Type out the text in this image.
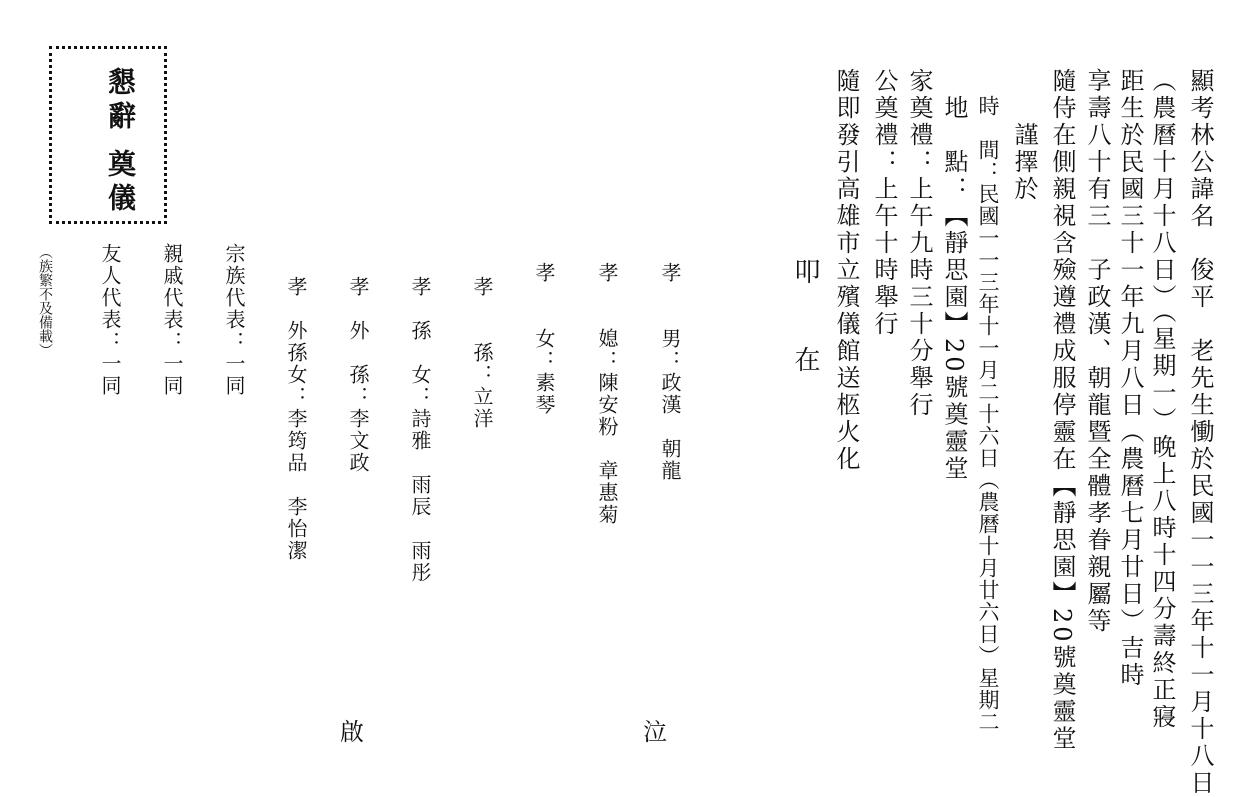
顯考林公諱名　俊平　老先生慟於民國一一三年十一月十八日
（農曆十月十八日）（星期一）晚上八時十四分壽終正寢
距生於民國三十一年九月八日（農曆七月廿日）吉時
享壽八十有三　子政漢、朝龍暨全體孝眷親屬等
隨侍在側親視含殮遵禮成服停靈在【靜思園】20號奠靈堂
謹擇於
時　間：民國一一三年十一月二十六日（農曆十月廿六日）星期二
地　點：【靜思園】20號奠靈堂
家奠禮：上午九時三十分舉行
公奠禮：上午十時舉行
隨即發引高雄市立殯儀館送柩火化
叩　在
孝　　男：政漢　朝龍
孝　　媳：陳安粉　章惠菊
孝　　女：素琴
孝　　孫：立洋
孝　孫　女：詩雅　雨辰　雨彤
孝　外　孫：李文政
孝　外孫女：李筠品　李怡潔
宗族代表：一同
親戚代表：一同
友人代表：一同
泣
啟
懇辭
奠儀
（族繁不及備載）
